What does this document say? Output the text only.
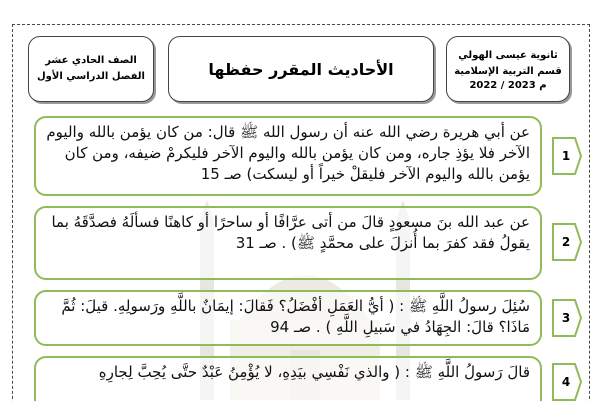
الصف الحادي عشر
الفصل الدراسي الأول	الأحاديث المقرر حفظها
ثانوية عيسى الهولي
قسم التربية الإسلامية
2022 / 2023 م
عن أبي هريرة رضي الله عنه أن رسول الله ﷺ قال: من كان يؤمن بالله واليوم الآخر فلا يؤذِ جاره، ومن كان يؤمن بالله واليوم الآخر فليكرمْ ضيفه، ومن كان يؤمن بالله واليوم الآخر فليقلْ خيراً أو ليسكت) صـ 15
1
عن عبد الله بنَ مسعودٍ قالَ من أتى عرَّافًا أو ساحرًا أو كاهنًا فسألَهُ فصدَّقَهُ بما يقولُ فقد كفرَ بما أُنزلَ على محمَّدٍ ﷺ) . صـ 31	2
سُئِلَ رسولُ اللَّهِ ﷺ : ( أيُّ العَمَلِ أفْضَلُ؟ فَقالَ: إيمَانٌ باللَّهِ ورَسولِهِ. قيلَ: ثُمَّ مَاذَا؟ قالَ: الجِهَادُ في سَبيلِ اللَّهِ ) . صـ 94	3
قالَ رَسولُ اللَّهِ ﷺ : ( والذي نَفْسِي بيَدِهِ، لا يُؤْمِنُ عَبْدٌ حتَّى يُحِبَّ لِجارِهِ
4
